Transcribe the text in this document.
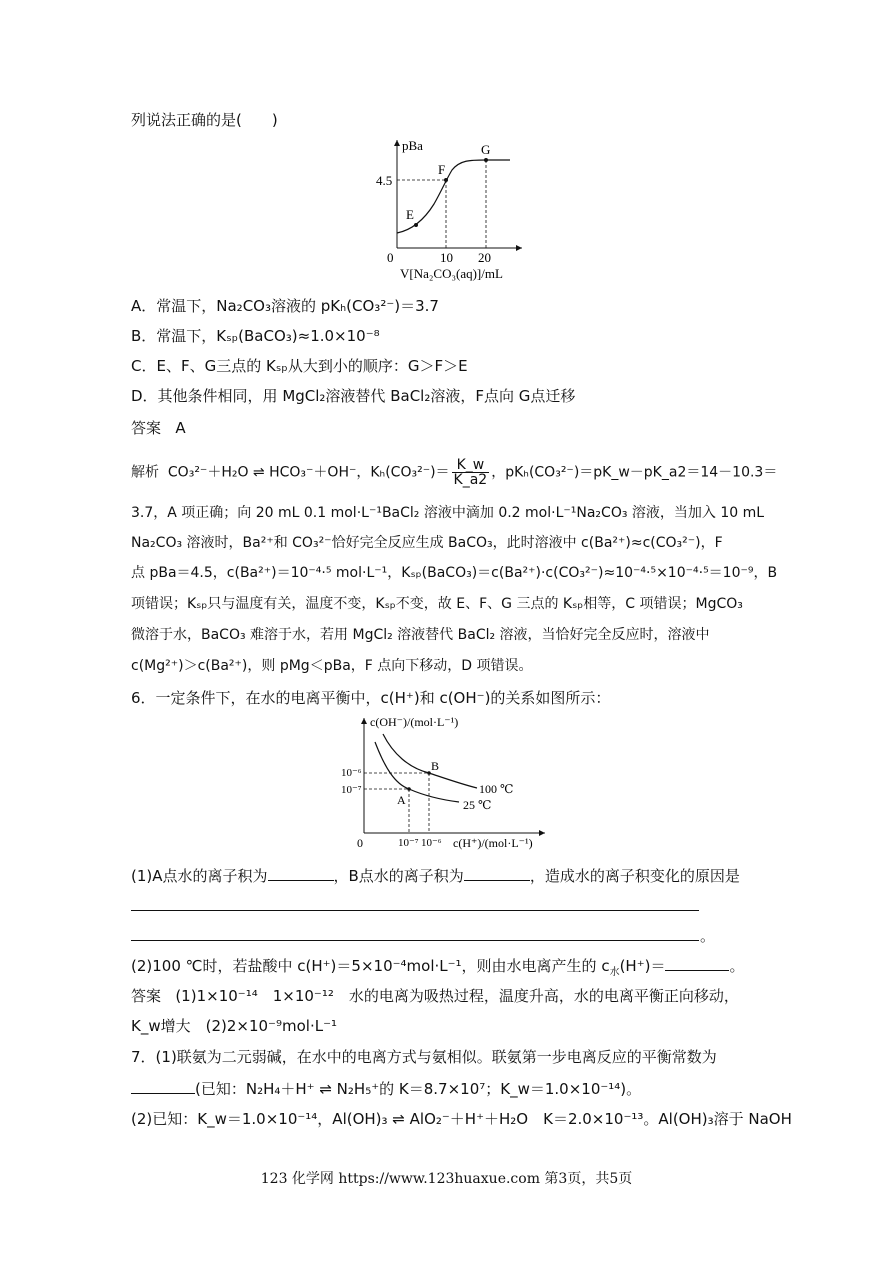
列说法正确的是(　　)
pBa
0
4.5
10 20
E
F
G
V[Na₂CO₃(aq)]/mL
A．常温下，Na₂CO₃溶液的 pKₕ(CO₃²⁻)＝3.7
B．常温下，Kₛₚ(BaCO₃)≈1.0×10⁻⁸
C．E、F、G三点的 Kₛₚ从大到小的顺序：G＞F＞E
D．其他条件相同，用 MgCl₂溶液替代 BaCl₂溶液，F点向 G点迁移
答案 A
解析 CO₃²⁻＋H₂O ⇌ HCO₃⁻＋OH⁻，$K_h(CO_3^{2-})= \frac{K\_w}{K\_a2}$ ，pKₕ(CO₃²⁻)＝pK_w－pK_a2＝14－10.3＝
3.7，A 项正确；向 20 mL 0.1 mol·L⁻¹BaCl₂ 溶液中滴加 0.2 mol·L⁻¹Na₂CO₃ 溶液，当加入 10 mL
Na₂CO₃ 溶液时，Ba²⁺和 CO₃²⁻恰好完全反应生成 BaCO₃，此时溶液中 c(Ba²⁺)≈c(CO₃²⁻)，F
点 pBa＝4.5，c(Ba²⁺)＝10⁻⁴·⁵ mol·L⁻¹，Kₛₚ(BaCO₃)＝c(Ba²⁺)·c(CO₃²⁻)≈10⁻⁴·⁵×10⁻⁴·⁵＝10⁻⁹，B
项错误；Kₛₚ只与温度有关，温度不变，Kₛₚ不变，故 E、F、G 三点的 Kₛₚ相等，C 项错误；MgCO₃
微溶于水，BaCO₃ 难溶于水，若用 MgCl₂ 溶液替代 BaCl₂ 溶液，当恰好完全反应时，溶液中
c(Mg²⁺)＞c(Ba²⁺)，则 pMg＜pBa，F 点向下移动，D 项错误。
6．一定条件下，在水的电离平衡中，c(H⁺)和 c(OH⁻)的关系如图所示：
c(OH⁻)/(mol·L⁻¹)
0
10⁻⁶
10⁻⁷
10⁻⁷ 10⁻⁶ c(H⁺)/(mol·L⁻¹)
B
A
100 ℃
25 ℃
(1)A点水的离子积为	，B点水的离子积为	，造成水的离子积变化的原因是
。
(2)100 ℃时，若盐酸中 c(H⁺)＝5×10⁻⁴mol·L⁻¹，则由水电离产生的 $c_水(H^+)=$	。
答案 (1)1×10⁻¹⁴　1×10⁻¹²　水的电离为吸热过程，温度升高，水的电离平衡正向移动，
K_w增大　(2)2×10⁻⁹mol·L⁻¹
7．(1)联氨为二元弱碱，在水中的电离方式与氨相似。联氨第一步电离反应的平衡常数为
(已知：N₂H₄＋H⁺ ⇌ N₂H₅⁺的 K＝8.7×10⁷；K_w＝1.0×10⁻¹⁴)。
(2)已知：K_w＝1.0×10⁻¹⁴，Al(OH)₃ ⇌ AlO₂⁻＋H⁺＋H₂O　K＝2.0×10⁻¹³。Al(OH)₃溶于 NaOH
123 化学网 https://www.123huaxue.com 第3页，共5页
